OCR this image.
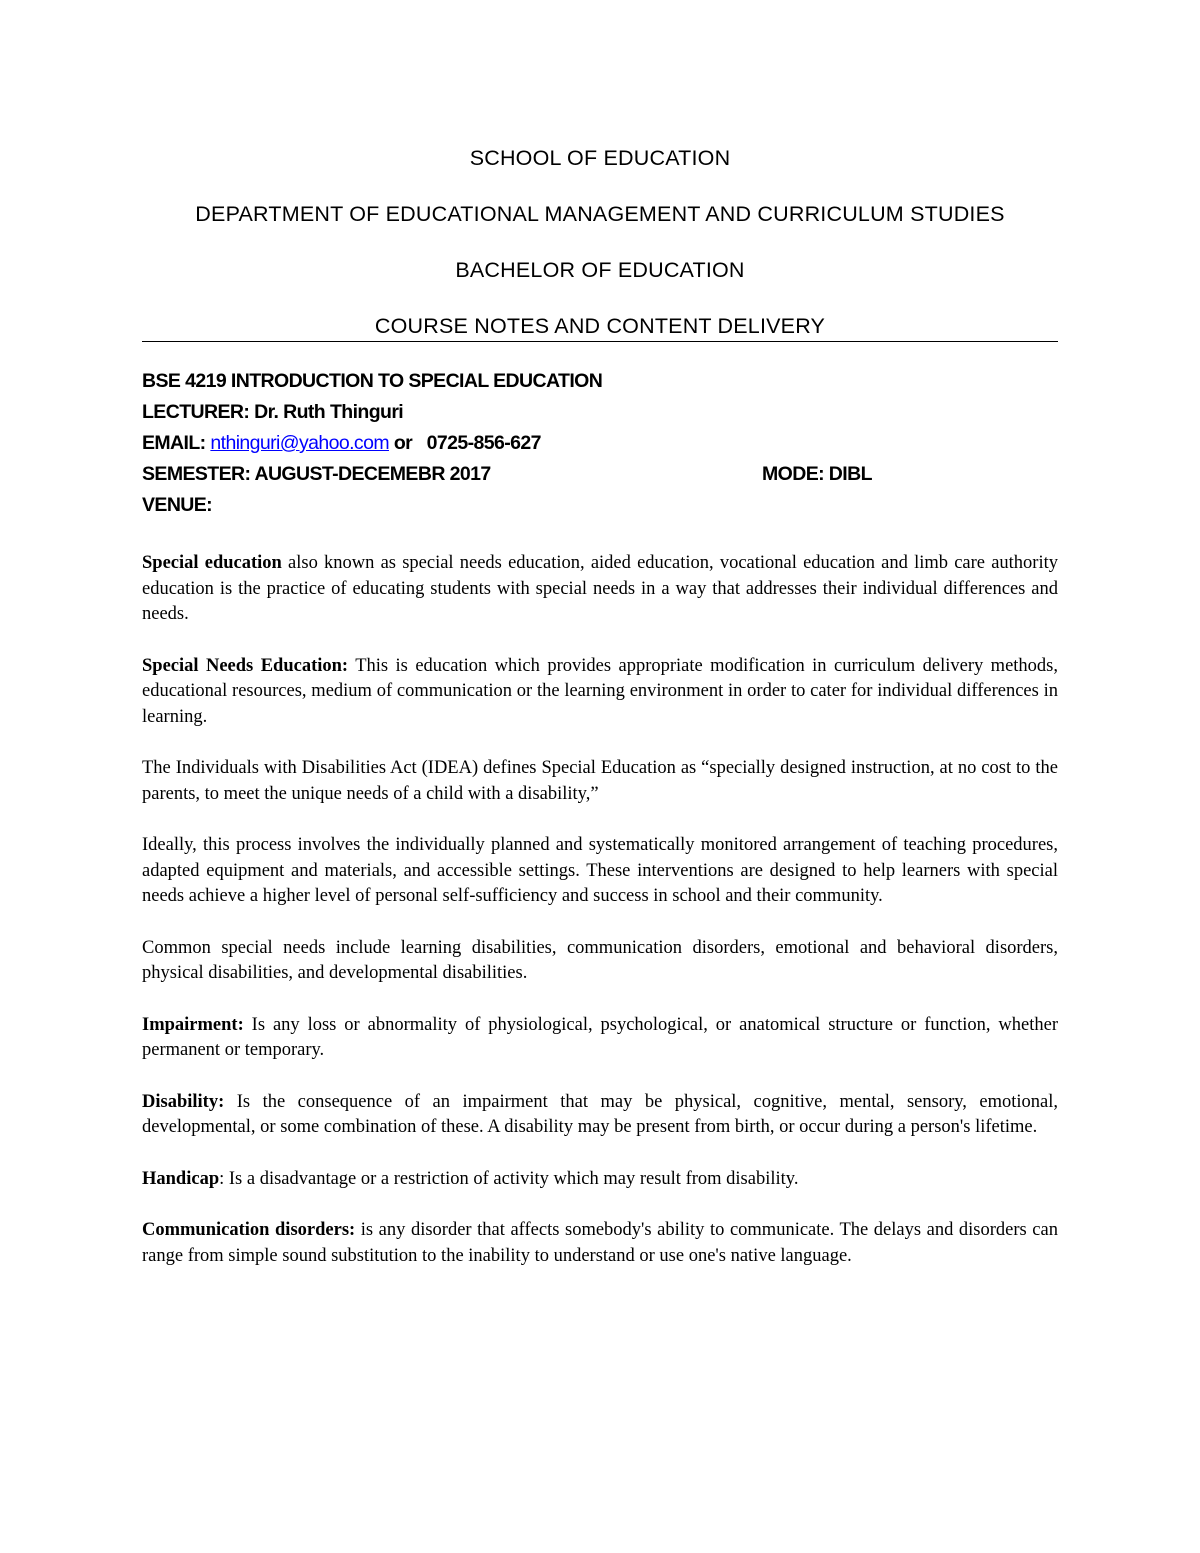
SCHOOL OF EDUCATION
DEPARTMENT OF EDUCATIONAL MANAGEMENT AND CURRICULUM STUDIES
BACHELOR OF EDUCATION
COURSE NOTES AND CONTENT DELIVERY
BSE 4219 INTRODUCTION TO SPECIAL EDUCATION
LECTURER: Dr. Ruth Thinguri
EMAIL: nthinguri@yahoo.com or 0725-856-627
SEMESTER: AUGUST-DECEMEBR 2017	MODE: DIBL
VENUE:

Special education also known as special needs education, aided education, vocational education and limb care authority education is the practice of educating students with special needs in a way that addresses their individual differences and needs.

Special Needs Education: This is education which provides appropriate modification in curriculum delivery methods, educational resources, medium of communication or the learning environment in order to cater for individual differences in learning.

The Individuals with Disabilities Act (IDEA) defines Special Education as “specially designed instruction, at no cost to the parents, to meet the unique needs of a child with a disability,”

Ideally, this process involves the individually planned and systematically monitored arrangement of teaching procedures, adapted equipment and materials, and accessible settings. These interventions are designed to help learners with special needs achieve a higher level of personal self-sufficiency and success in school and their community.

Common special needs include learning disabilities, communication disorders, emotional and behavioral disorders, physical disabilities, and developmental disabilities.

Impairment: Is any loss or abnormality of physiological, psychological, or anatomical structure or function, whether permanent or temporary.

Disability: Is the consequence of an impairment that may be physical, cognitive, mental, sensory, emotional, developmental, or some combination of these. A disability may be present from birth, or occur during a person's lifetime.

Handicap: Is a disadvantage or a restriction of activity which may result from disability.

Communication disorders: is any disorder that affects somebody's ability to communicate. The delays and disorders can range from simple sound substitution to the inability to understand or use one's native language.
